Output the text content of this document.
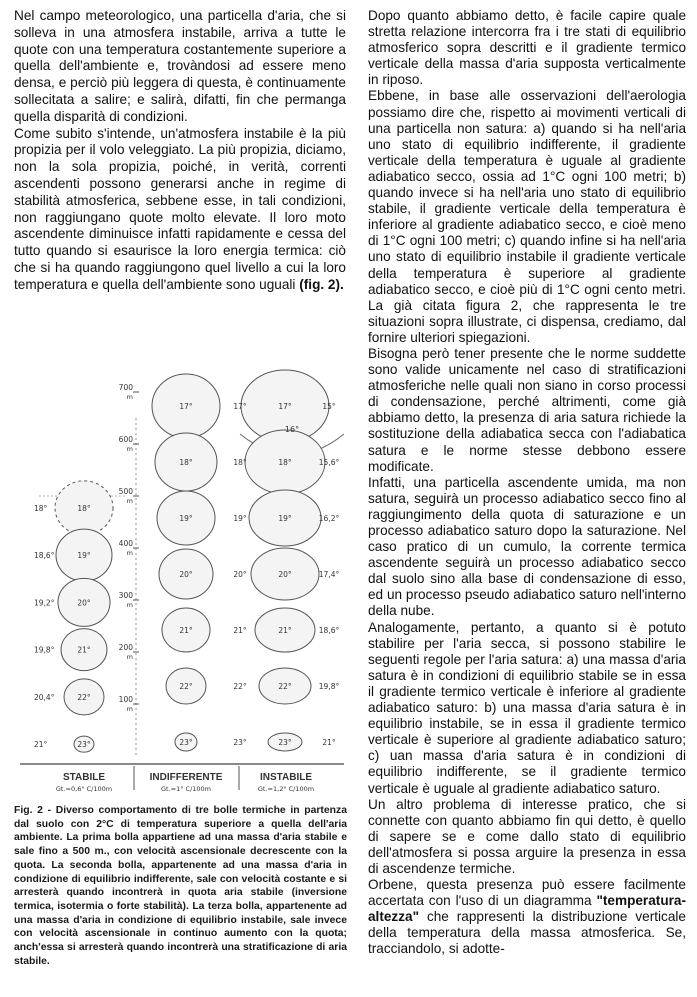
Nel campo meteorologico, una particella d'aria, che si solleva in una atmosfera instabile, arriva a tutte le quote con una temperatura costantemente superiore a quella dell'ambiente e, trovàndosi ad essere meno densa, e perciò più leggera di questa, è continuamente sollecitata a salire; e salirà, difatti, fin che permanga quella disparità di condizioni.

Come subito s'intende, un'atmosfera instabile è la più propizia per il volo veleggiato. La più propizia, diciamo, non la sola propizia, poiché, in verità, correnti ascendenti possono generarsi anche in regime di stabilità atmosferica, sebbene esse, in tali condizioni, non raggiungano quote molto elevate. Il loro moto ascendente diminuisce infatti rapidamente e cessa del tutto quando si esaurisce la loro energia termica: ciò che si ha quando raggiungono quel livello a cui la loro temperatura e quella dell'ambiente sono uguali (fig. 2).

700
m
600
m
500
m
400
m
300
m
200
m
100
m
16°
18°
19°
20°
21°
22°
23°
18°
18,6°
19,2°
19,8°
20,4°
21°
STABILE
Gt.=0,6° C/100m
17°
18°
19°
20°
21°
22°
23°
17°
18°
19°
20°
21°
22°
23°
INDIFFERENTE
Gt.=1° C/100m
17°
18°
19°
20°
21°
22°
23°
15°
15,6°
16,2°
17,4°
18,6°
19,8°
21°
INSTABILE
Gt.=1,2° C/100m
Fig. 2 - Diverso comportamento di tre bolle termiche in partenza dal suolo con 2°C di temperatura superiore a quella dell'aria ambiente. La prima bolla appartiene ad una massa d'aria stabile e sale fino a 500 m., con velocità ascensionale decrescente con la quota. La seconda bolla, appartenente ad una massa d'aria in condizione di equilibrio indifferente, sale con velocità costante e si arresterà quando incontrerà in quota aria stabile (inversione termica, isotermia o forte stabilità). La terza bolla, appartenente ad una massa d'aria in condizione di equilibrio instabile, sale invece con velocità ascensionale in continuo aumento con la quota; anch'essa si arresterà quando incontrerà una stratificazione di aria stabile.

Dopo quanto abbiamo detto, è facile capire quale stretta relazione intercorra fra i tre stati di equilibrio atmosferico sopra descritti e il gradiente termico verticale della massa d'aria supposta verticalmente in riposo.

Ebbene, in base alle osservazioni dell'aerologia possiamo dire che, rispetto ai movimenti verticali di una particella non satura: a) quando si ha nell'aria uno stato di equilibrio indifferente, il gradiente verticale della temperatura è uguale al gradiente adiabatico secco, ossia ad 1°C ogni 100 metri; b) quando invece si ha nell'aria uno stato di equilibrio stabile, il gradiente verticale della temperatura è inferiore al gradiente adiabatico secco, e cioè meno di 1°C ogni 100 metri; c) quando infine si ha nell'aria uno stato di equilibrio instabile il gradiente verticale della temperatura è superiore al gradiente adiabatico secco, e cioè più di 1°C ogni cento metri. La già citata figura 2, che rappresenta le tre situazioni sopra illustrate, ci dispensa, crediamo, dal fornire ulteriori spiegazioni.

Bisogna però tener presente che le norme suddette sono valide unicamente nel caso di stratificazioni atmosferiche nelle quali non siano in corso processi di condensazione, perché altrimenti, come già abbiamo detto, la presenza di aria satura richiede la sostituzione della adiabatica secca con l'adiabatica satura e le norme stesse debbono essere modificate.

Infatti, una particella ascendente umida, ma non satura, seguirà un processo adiabatico secco fino al raggiungimento della quota di saturazione e un processo adiabatico saturo dopo la saturazione. Nel caso pratico di un cumulo, la corrente termica ascendente seguirà un processo adiabatico secco dal suolo sino alla base di condensazione di esso, ed un processo pseudo adiabatico saturo nell'interno della nube.

Analogamente, pertanto, a quanto si è potuto stabilire per l'aria secca, si possono stabilire le seguenti regole per l'aria satura: a) una massa d'aria satura è in condizioni di equilibrio stabile se in essa il gradiente termico verticale è inferiore al gradiente adiabatico saturo: b) una massa d'aria satura è in equilibrio instabile, se in essa il gradiente termico verticale è superiore al gradiente adiabatico saturo; c) uan massa d'aria satura è in condizioni di equilibrio indifferente, se il gradiente termico verticale è uguale al gradiente adiabatico saturo.

Un altro problema di interesse pratico, che si connette con quanto abbiamo fin qui detto, è quello di sapere se e come dallo stato di equilibrio dell'atmosfera si possa arguire la presenza in essa di ascendenze termiche.

Orbene, questa presenza può essere facilmente accertata con l'uso di un diagramma "temperatura-altezza" che rappresenti la distribuzione verticale della temperatura della massa atmosferica. Se, tracciandolo, si adotte-
